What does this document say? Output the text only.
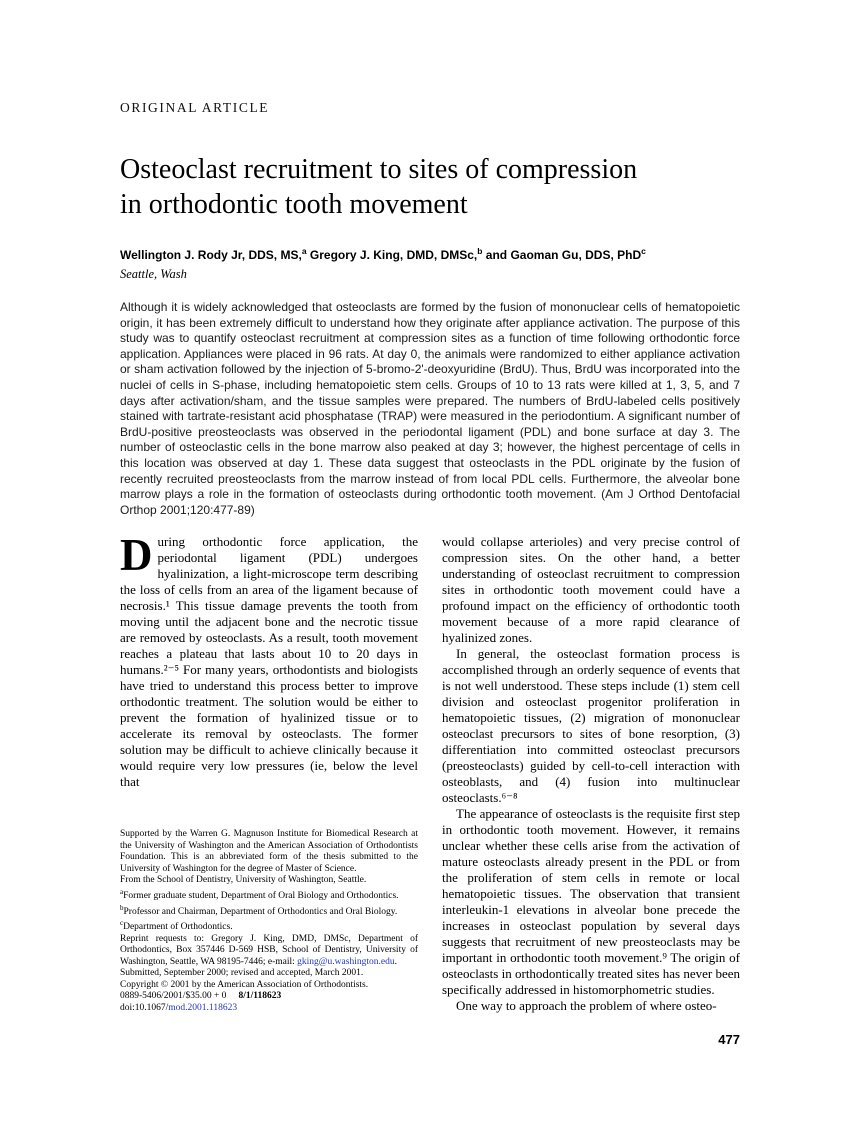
ORIGINAL ARTICLE
Osteoclast recruitment to sites of compression
in orthodontic tooth movement

Wellington J. Rody Jr, DDS, MS,$^a$ Gregory J. King, DMD, DMSc,$^b$ and Gaoman Gu, DDS, PhD$^c$

Seattle, Wash

Although it is widely acknowledged that osteoclasts are formed by the fusion of mononuclear cells of hematopoietic origin, it has been extremely difficult to understand how they originate after appliance activation. The purpose of this study was to quantify osteoclast recruitment at compression sites as a function of time following orthodontic force application. Appliances were placed in 96 rats. At day 0, the animals were randomized to either appliance activation or sham activation followed by the injection of 5-bromo-2'-deoxyuridine (BrdU). Thus, BrdU was incorporated into the nuclei of cells in S-phase, including hematopoietic stem cells. Groups of 10 to 13 rats were killed at 1, 3, 5, and 7 days after activation/sham, and the tissue samples were prepared. The numbers of BrdU-labeled cells positively stained with tartrate-resistant acid phosphatase (TRAP) were measured in the periodontium. A significant number of BrdU-positive preosteoclasts was observed in the periodontal ligament (PDL) and bone surface at day 3. The number of osteoclastic cells in the bone marrow also peaked at day 3; however, the highest percentage of cells in this location was observed at day 1. These data suggest that osteoclasts in the PDL originate by the fusion of recently recruited preosteoclasts from the marrow instead of from local PDL cells. Furthermore, the alveolar bone marrow plays a role in the formation of osteoclasts during orthodontic tooth movement. (Am J Orthod Dentofacial Orthop 2001;120:477-89)

During orthodontic force application, the periodontal ligament (PDL) undergoes hyalinization, a light-microscope term describing the loss of cells from an area of the ligament because of necrosis.¹ This tissue damage prevents the tooth from moving until the adjacent bone and the necrotic tissue are removed by osteoclasts. As a result, tooth movement reaches a plateau that lasts about 10 to 20 days in humans.²⁻⁵ For many years, orthodontists and biologists have tried to understand this process better to improve orthodontic treatment. The solution would be either to prevent the formation of hyalinized tissue or to accelerate its removal by osteoclasts. The former solution may be difficult to achieve clinically because it would require very low pressures (ie, below the level that

Supported by the Warren G. Magnuson Institute for Biomedical Research at the University of Washington and the American Association of Orthodontists Foundation. This is an abbreviated form of the thesis submitted to the University of Washington for the degree of Master of Science.

From the School of Dentistry, University of Washington, Seattle.

$^a$Former graduate student, Department of Oral Biology and Orthodontics.

$^b$Professor and Chairman, Department of Orthodontics and Oral Biology.

$^c$Department of Orthodontics.

Reprint requests to: Gregory J. King, DMD, DMSc, Department of Orthodontics, Box 357446 D-569 HSB, School of Dentistry, University of Washington, Seattle, WA 98195-7446; e-mail: gking@u.washington.edu.

Submitted, September 2000; revised and accepted, March 2001.

Copyright © 2001 by the American Association of Orthodontists.

0889-5406/2001/$35.00 + 0 8/1/118623

doi:10.1067/mod.2001.118623

would collapse arterioles) and very precise control of compression sites. On the other hand, a better understanding of osteoclast recruitment to compression sites in orthodontic tooth movement could have a profound impact on the efficiency of orthodontic tooth movement because of a more rapid clearance of hyalinized zones.

In general, the osteoclast formation process is accomplished through an orderly sequence of events that is not well understood. These steps include (1) stem cell division and osteoclast progenitor proliferation in hematopoietic tissues, (2) migration of mononuclear osteoclast precursors to sites of bone resorption, (3) differentiation into committed osteoclast precursors (preosteoclasts) guided by cell-to-cell interaction with osteoblasts, and (4) fusion into multinuclear osteoclasts.⁶⁻⁸

The appearance of osteoclasts is the requisite first step in orthodontic tooth movement. However, it remains unclear whether these cells arise from the activation of mature osteoclasts already present in the PDL or from the proliferation of stem cells in remote or local hematopoietic tissues. The observation that transient interleukin-1 elevations in alveolar bone precede the increases in osteoclast population by several days suggests that recruitment of new preosteoclasts may be important in orthodontic tooth movement.⁹ The origin of osteoclasts in orthodontically treated sites has never been specifically addressed in histomorphometric studies.

One way to approach the problem of where osteo-

477
